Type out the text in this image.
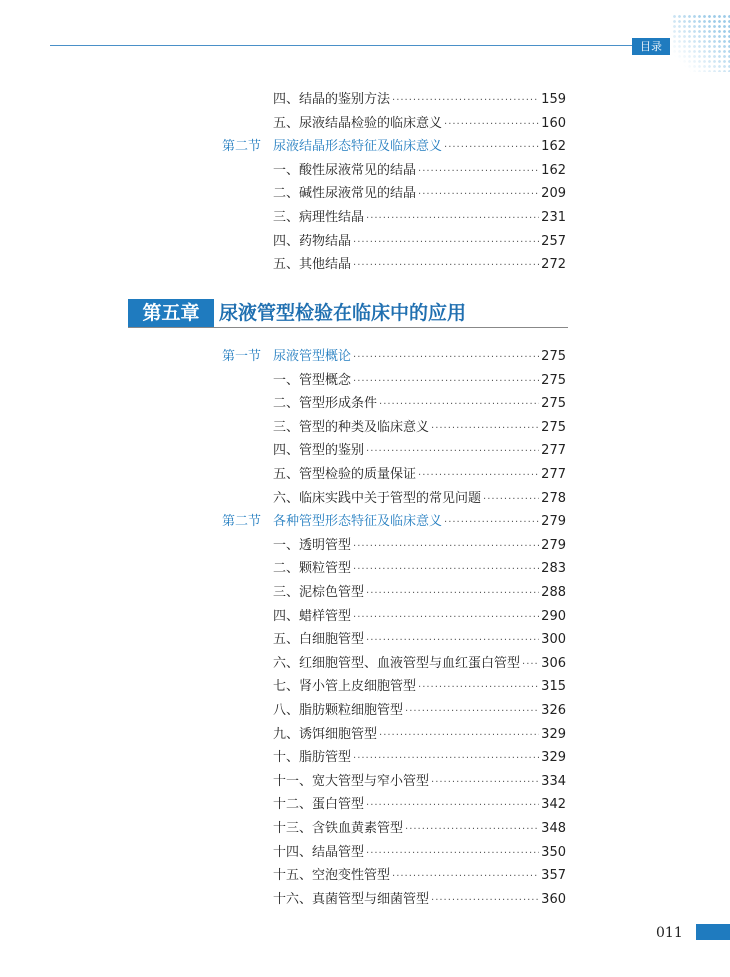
目录
四、结晶的鉴别方法 ·····	159
五、尿液结晶检验的临床意义 ·····	160
第二节 尿液结晶形态特征及临床意义 ·····	162
一、酸性尿液常见的结晶 ·····	162
二、碱性尿液常见的结晶 ·····	209
三、病理性结晶 ·····	231
四、药物结晶 ·····	257
五、其他结晶 ·····	272
第五章	尿液管型检验在临床中的应用
第一节 尿液管型概论 ·····	275
一、管型概念 ·····	275
二、管型形成条件 ·····	275
三、管型的种类及临床意义 ·····	275
四、管型的鉴别 ·····	277
五、管型检验的质量保证 ·····	277
六、临床实践中关于管型的常见问题 ·····	278
第二节 各种管型形态特征及临床意义 ·····	279
一、透明管型 ·····	279
二、颗粒管型 ·····	283
三、泥棕色管型 ·····	288
四、蜡样管型 ·····	290
五、白细胞管型 ·····	300
六、红细胞管型、血液管型与血红蛋白管型 ····· 306
七、肾小管上皮细胞管型 ·····	315
八、脂肪颗粒细胞管型 ·····	326
九、诱饵细胞管型 ·····	329
十、脂肪管型 ·····	329
十一、宽大管型与窄小管型 ·····	334
十二、蛋白管型 ·····	342
十三、含铁血黄素管型 ·····	348
十四、结晶管型 ·····	350
十五、空泡变性管型 ·····	357
十六、真菌管型与细菌管型 ·····	360
011
